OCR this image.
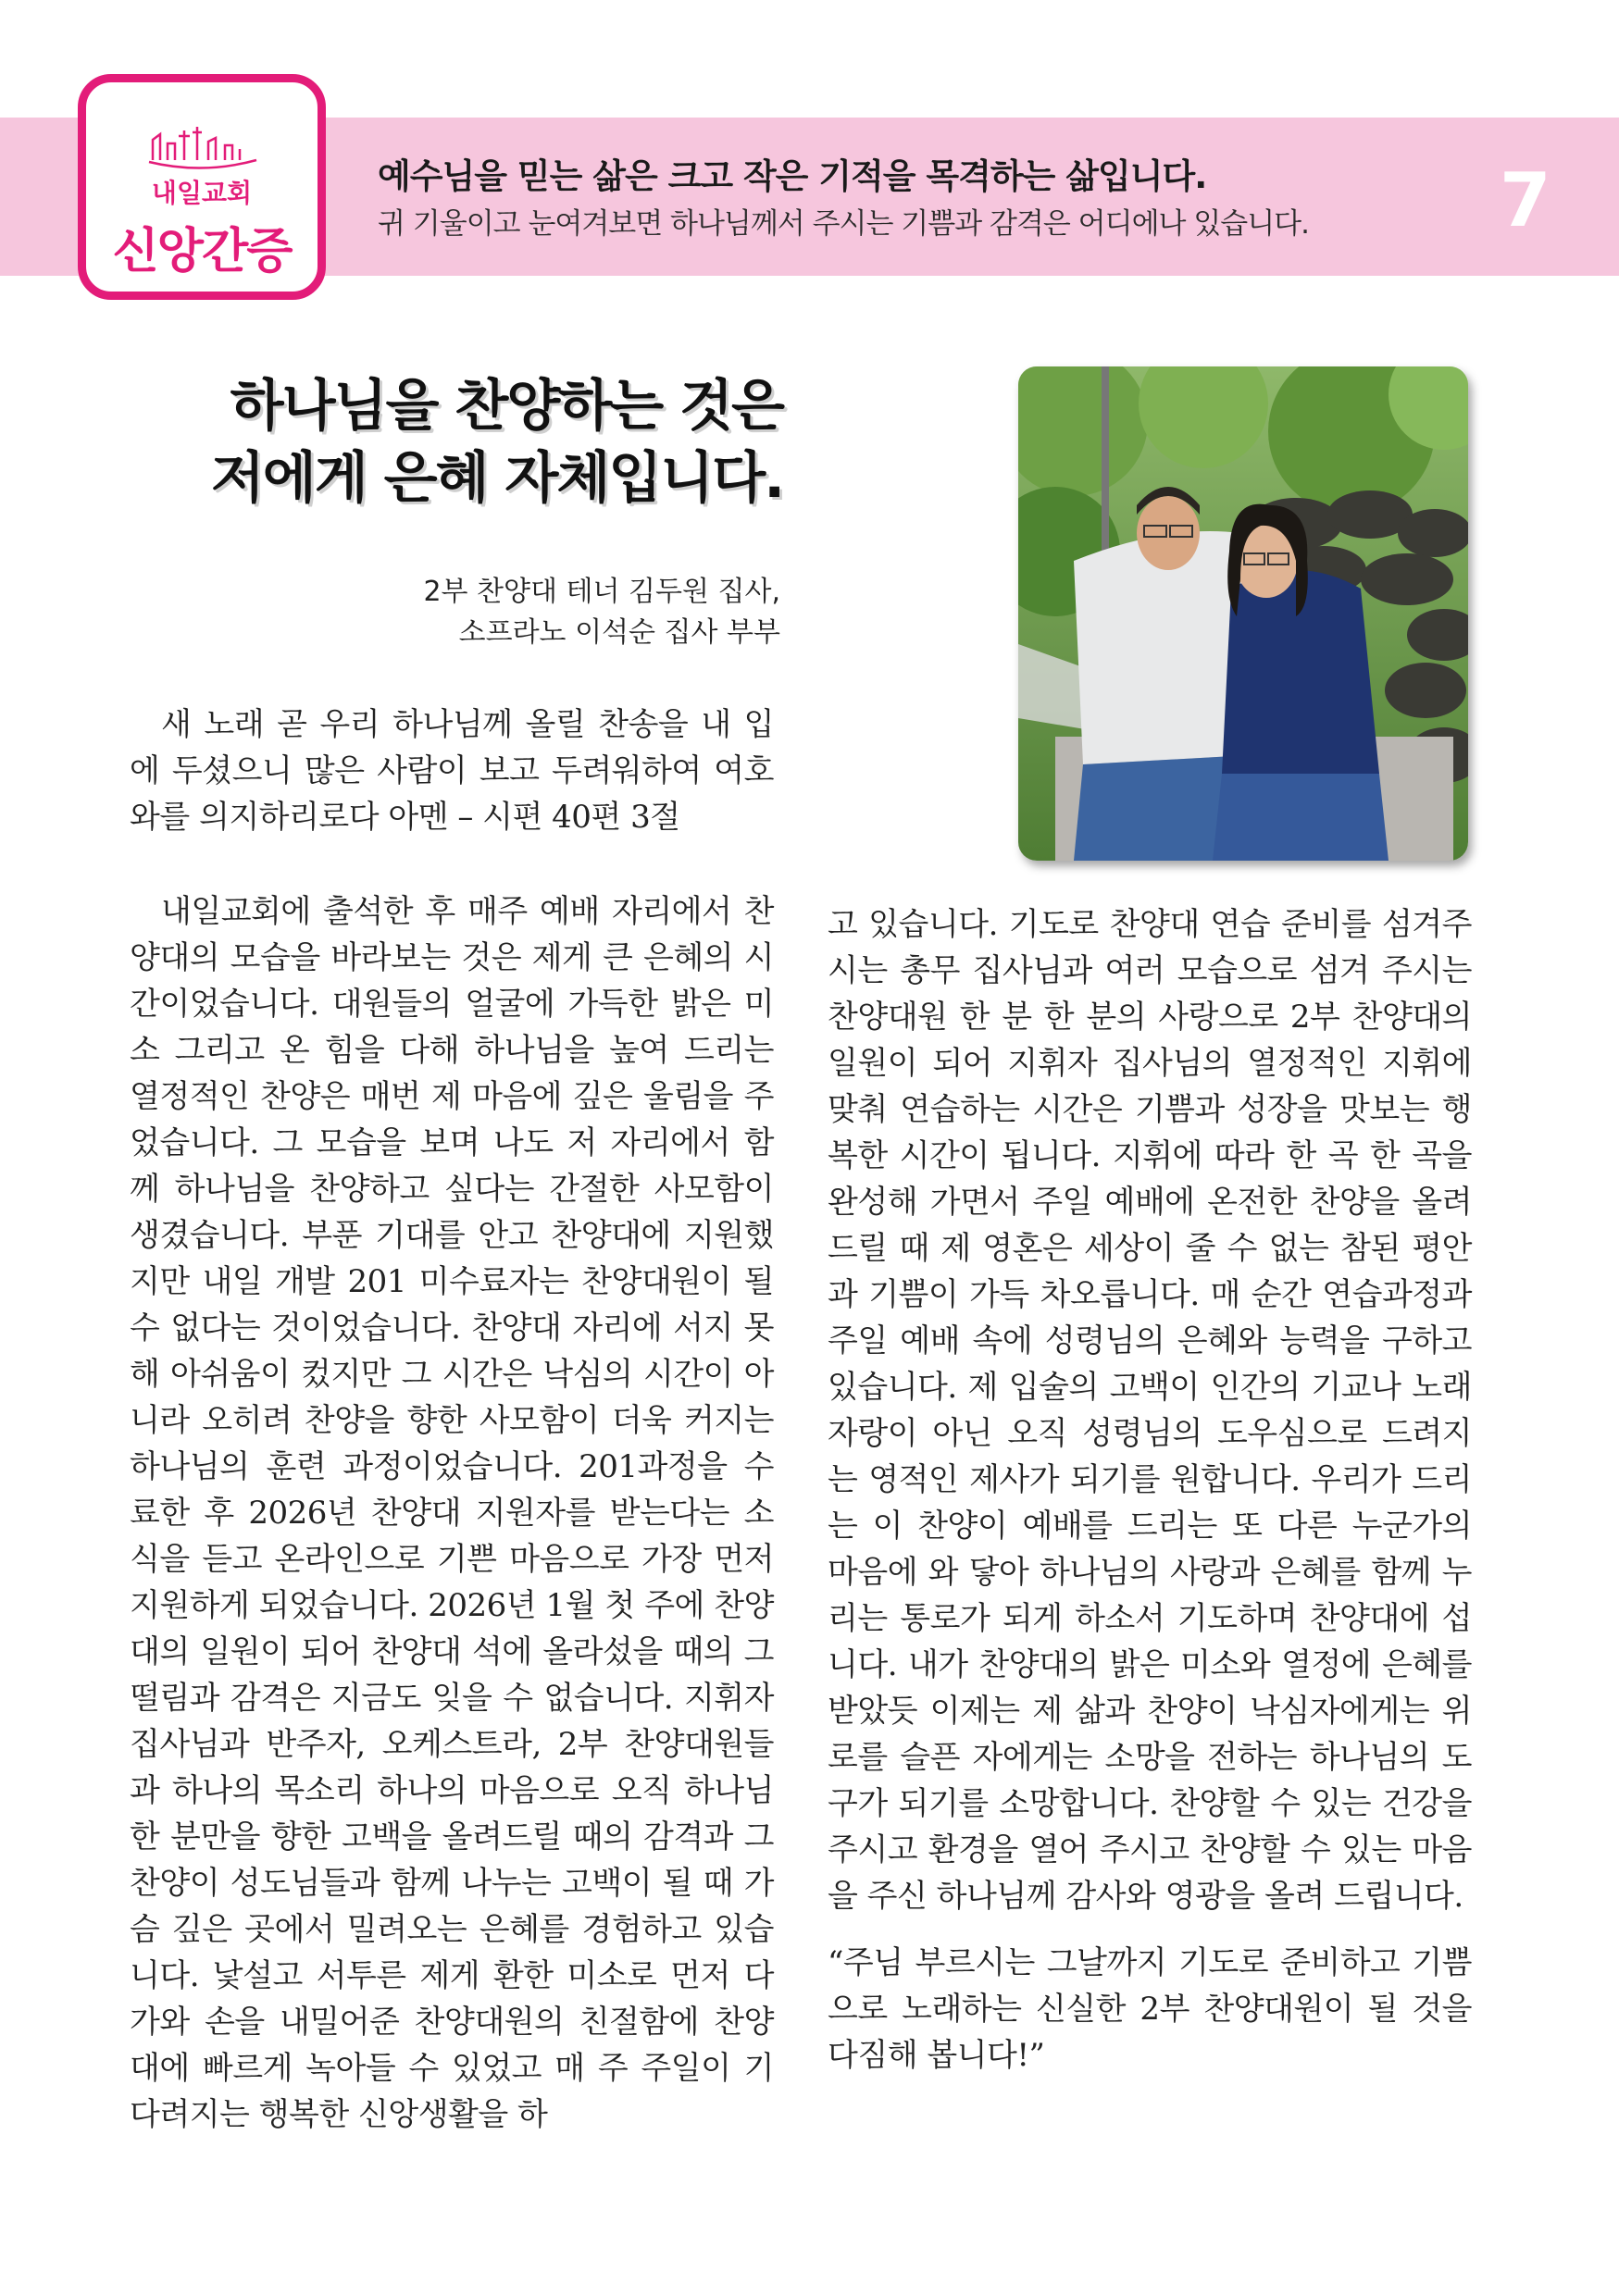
내일교회
신앙간증
예수님을 믿는 삶은 크고 작은 기적을 목격하는 삶입니다.
귀 기울이고 눈여겨보면 하나님께서 주시는 기쁨과 감격은 어디에나 있습니다.	7
하나님을 찬양하는 것은
저에게 은혜 자체입니다.
2부 찬양대 테너 김두원 집사,
소프라노 이석순 집사 부부

새 노래 곧 우리 하나님께 올릴 찬송을 내 입에 두셨으니 많은 사람이 보고 두려워하여 여호와를 의지하리로다 아멘 – 시편 40편 3절

내일교회에 출석한 후 매주 예배 자리에서 찬양대의 모습을 바라보는 것은 제게 큰 은혜의 시간이었습니다. 대원들의 얼굴에 가득한 밝은 미소 그리고 온 힘을 다해 하나님을 높여 드리는 열정적인 찬양은 매번 제 마음에 깊은 울림을 주었습니다. 그 모습을 보며 나도 저 자리에서 함께 하나님을 찬양하고 싶다는 간절한 사모함이 생겼습니다. 부푼 기대를 안고 찬양대에 지원했지만 내일 개발 201 미수료자는 찬양대원이 될 수 없다는 것이었습니다. 찬양대 자리에 서지 못해 아쉬움이 컸지만 그 시간은 낙심의 시간이 아니라 오히려 찬양을 향한 사모함이 더욱 커지는 하나님의 훈련 과정이었습니다. 201과정을 수료한 후 2026년 찬양대 지원자를 받는다는 소식을 듣고 온라인으로 기쁜 마음으로 가장 먼저 지원하게 되었습니다. 2026년 1월 첫 주에 찬양대의 일원이 되어 찬양대 석에 올라섰을 때의 그 떨림과 감격은 지금도 잊을 수 없습니다. 지휘자 집사님과 반주자, 오케스트라, 2부 찬양대원들과 하나의 목소리 하나의 마음으로 오직 하나님 한 분만을 향한 고백을 올려드릴 때의 감격과 그 찬양이 성도님들과 함께 나누는 고백이 될 때 가슴 깊은 곳에서 밀려오는 은혜를 경험하고 있습니다. 낯설고 서투른 제게 환한 미소로 먼저 다가와 손을 내밀어준 찬양대원의 친절함에 찬양대에 빠르게 녹아들 수 있었고 매 주 주일이 기다려지는 행복한 신앙생활을 하

고 있습니다. 기도로 찬양대 연습 준비를 섬겨주시는 총무 집사님과 여러 모습으로 섬겨 주시는 찬양대원 한 분 한 분의 사랑으로 2부 찬양대의 일원이 되어 지휘자 집사님의 열정적인 지휘에 맞춰 연습하는 시간은 기쁨과 성장을 맛보는 행복한 시간이 됩니다. 지휘에 따라 한 곡 한 곡을 완성해 가면서 주일 예배에 온전한 찬양을 올려드릴 때 제 영혼은 세상이 줄 수 없는 참된 평안과 기쁨이 가득 차오릅니다. 매 순간 연습과정과 주일 예배 속에 성령님의 은혜와 능력을 구하고 있습니다. 제 입술의 고백이 인간의 기교나 노래자랑이 아닌 오직 성령님의 도우심으로 드려지는 영적인 제사가 되기를 원합니다. 우리가 드리는 이 찬양이 예배를 드리는 또 다른 누군가의 마음에 와 닿아 하나님의 사랑과 은혜를 함께 누리는 통로가 되게 하소서 기도하며 찬양대에 섭니다. 내가 찬양대의 밝은 미소와 열정에 은혜를 받았듯 이제는 제 삶과 찬양이 낙심자에게는 위로를 슬픈 자에게는 소망을 전하는 하나님의 도구가 되기를 소망합니다. 찬양할 수 있는 건강을 주시고 환경을 열어 주시고 찬양할 수 있는 마음을 주신 하나님께 감사와 영광을 올려 드립니다.

“주님 부르시는 그날까지 기도로 준비하고 기쁨으로 노래하는 신실한 2부 찬양대원이 될 것을 다짐해 봅니다!”
